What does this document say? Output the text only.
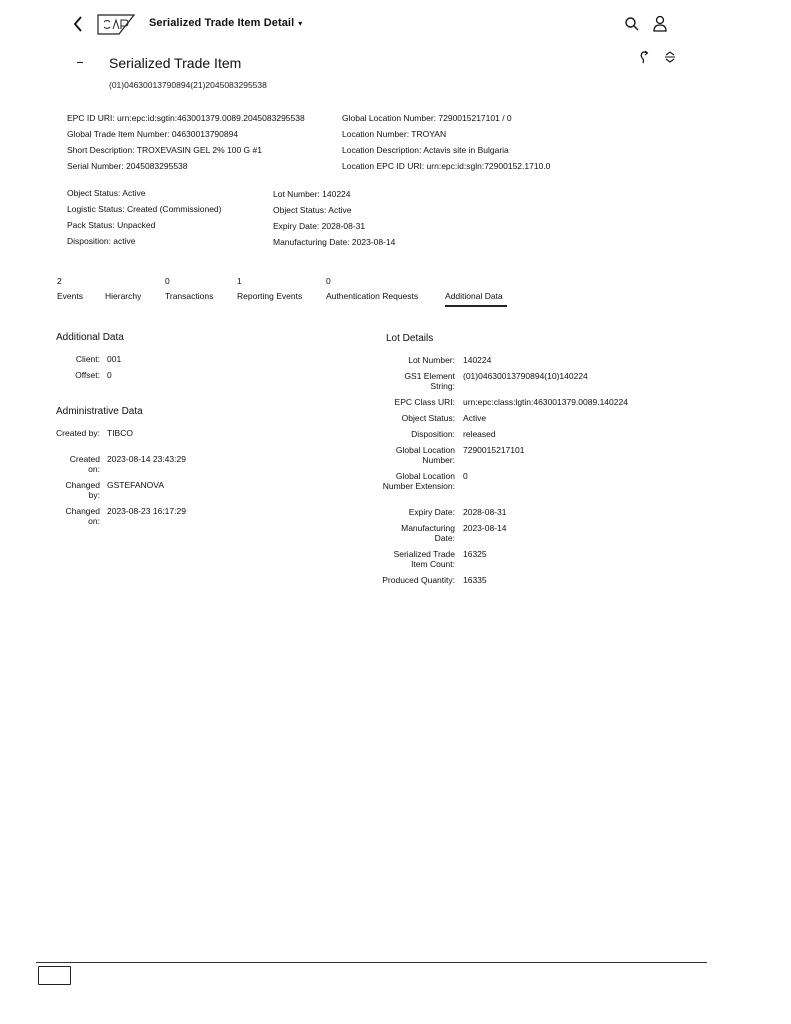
Serialized Trade Item Detail ▾
Serialized Trade Item
(01)04630013790894(21)2045083295538
EPC ID URI: urn:epc:id:sgtin:463001379.0089.2045083295538
Global Trade Item Number: 04630013790894
Short Description: TROXEVASIN GEL 2% 100 G #1
Serial Number: 2045083295538
Global Location Number: 7290015217101 / 0
Location Number: TROYAN
Location Description: Actavis site in Bulgaria
Location EPC ID URI: urn:epc:id:sgln:72900152.1710.0
Object Status: Active
Logistic Status: Created (Commissioned)
Pack Status: Unpacked
Disposition: active
Lot Number: 140224
Object Status: Active
Expiry Date: 2028-08-31
Manufacturing Date: 2023-08-14
2
Events	Hierarchy
0
Transactions
1
Reporting Events
0
Authentication Requests	Additional Data
Additional Data
Client: 001
Offset: 0
Administrative Data
Created by: TIBCO
Created on:
2023-08-14 23:43:29
Changed by:
GSTEFANOVA
Changed on:
2023-08-23 16:17:29
Lot Details
Lot Number: 140224
GS1 Element String:
(01)04630013790894(10)140224
EPC Class URI: urn:epc:class:lgtin:463001379.0089.140224
Object Status: Active
Disposition: released
Global Location Number:
7290015217101
Global Location Number Extension:
0
Expiry Date: 2028-08-31
Manufacturing Date:
2023-08-14
Serialized Trade Item Count:
16325
Produced Quantity: 16335
